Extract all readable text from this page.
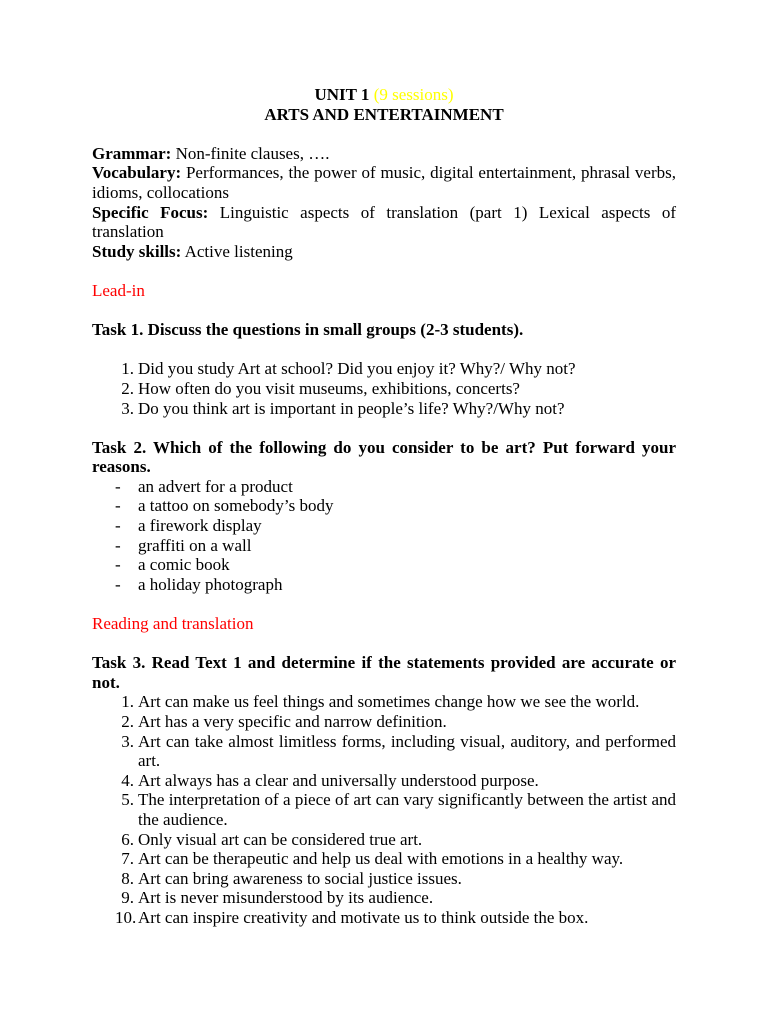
UNIT 1 (9 sessions)

ARTS AND ENTERTAINMENT

Grammar: Non-finite clauses, ….

Vocabulary: Performances, the power of music, digital entertainment, phrasal verbs, idioms, collocations

Specific Focus: Linguistic aspects of translation (part 1) Lexical aspects of translation

Study skills: Active listening

Lead-in

Task 1. Discuss the questions in small groups (2-3 students).

1. Did you study Art at school? Did you enjoy it? Why?/ Why not?
2. How often do you visit museums, exhibitions, concerts?
3. Do you think art is important in people’s life? Why?/Why not?

Task 2. Which of the following do you consider to be art? Put forward your reasons.

- an advert for a product
- a tattoo on somebody’s body
- a firework display
- graffiti on a wall
- a comic book
- a holiday photograph

Reading and translation

Task 3. Read Text 1 and determine if the statements provided are accurate or not.

1. Art can make us feel things and sometimes change how we see the world.
2. Art has a very specific and narrow definition.
3. Art can take almost limitless forms, including visual, auditory, and performed art.
4. Art always has a clear and universally understood purpose.
5. The interpretation of a piece of art can vary significantly between the artist and the audience.
6. Only visual art can be considered true art.
7. Art can be therapeutic and help us deal with emotions in a healthy way.
8. Art can bring awareness to social justice issues.
9. Art is never misunderstood by its audience.
10. Art can inspire creativity and motivate us to think outside the box.
